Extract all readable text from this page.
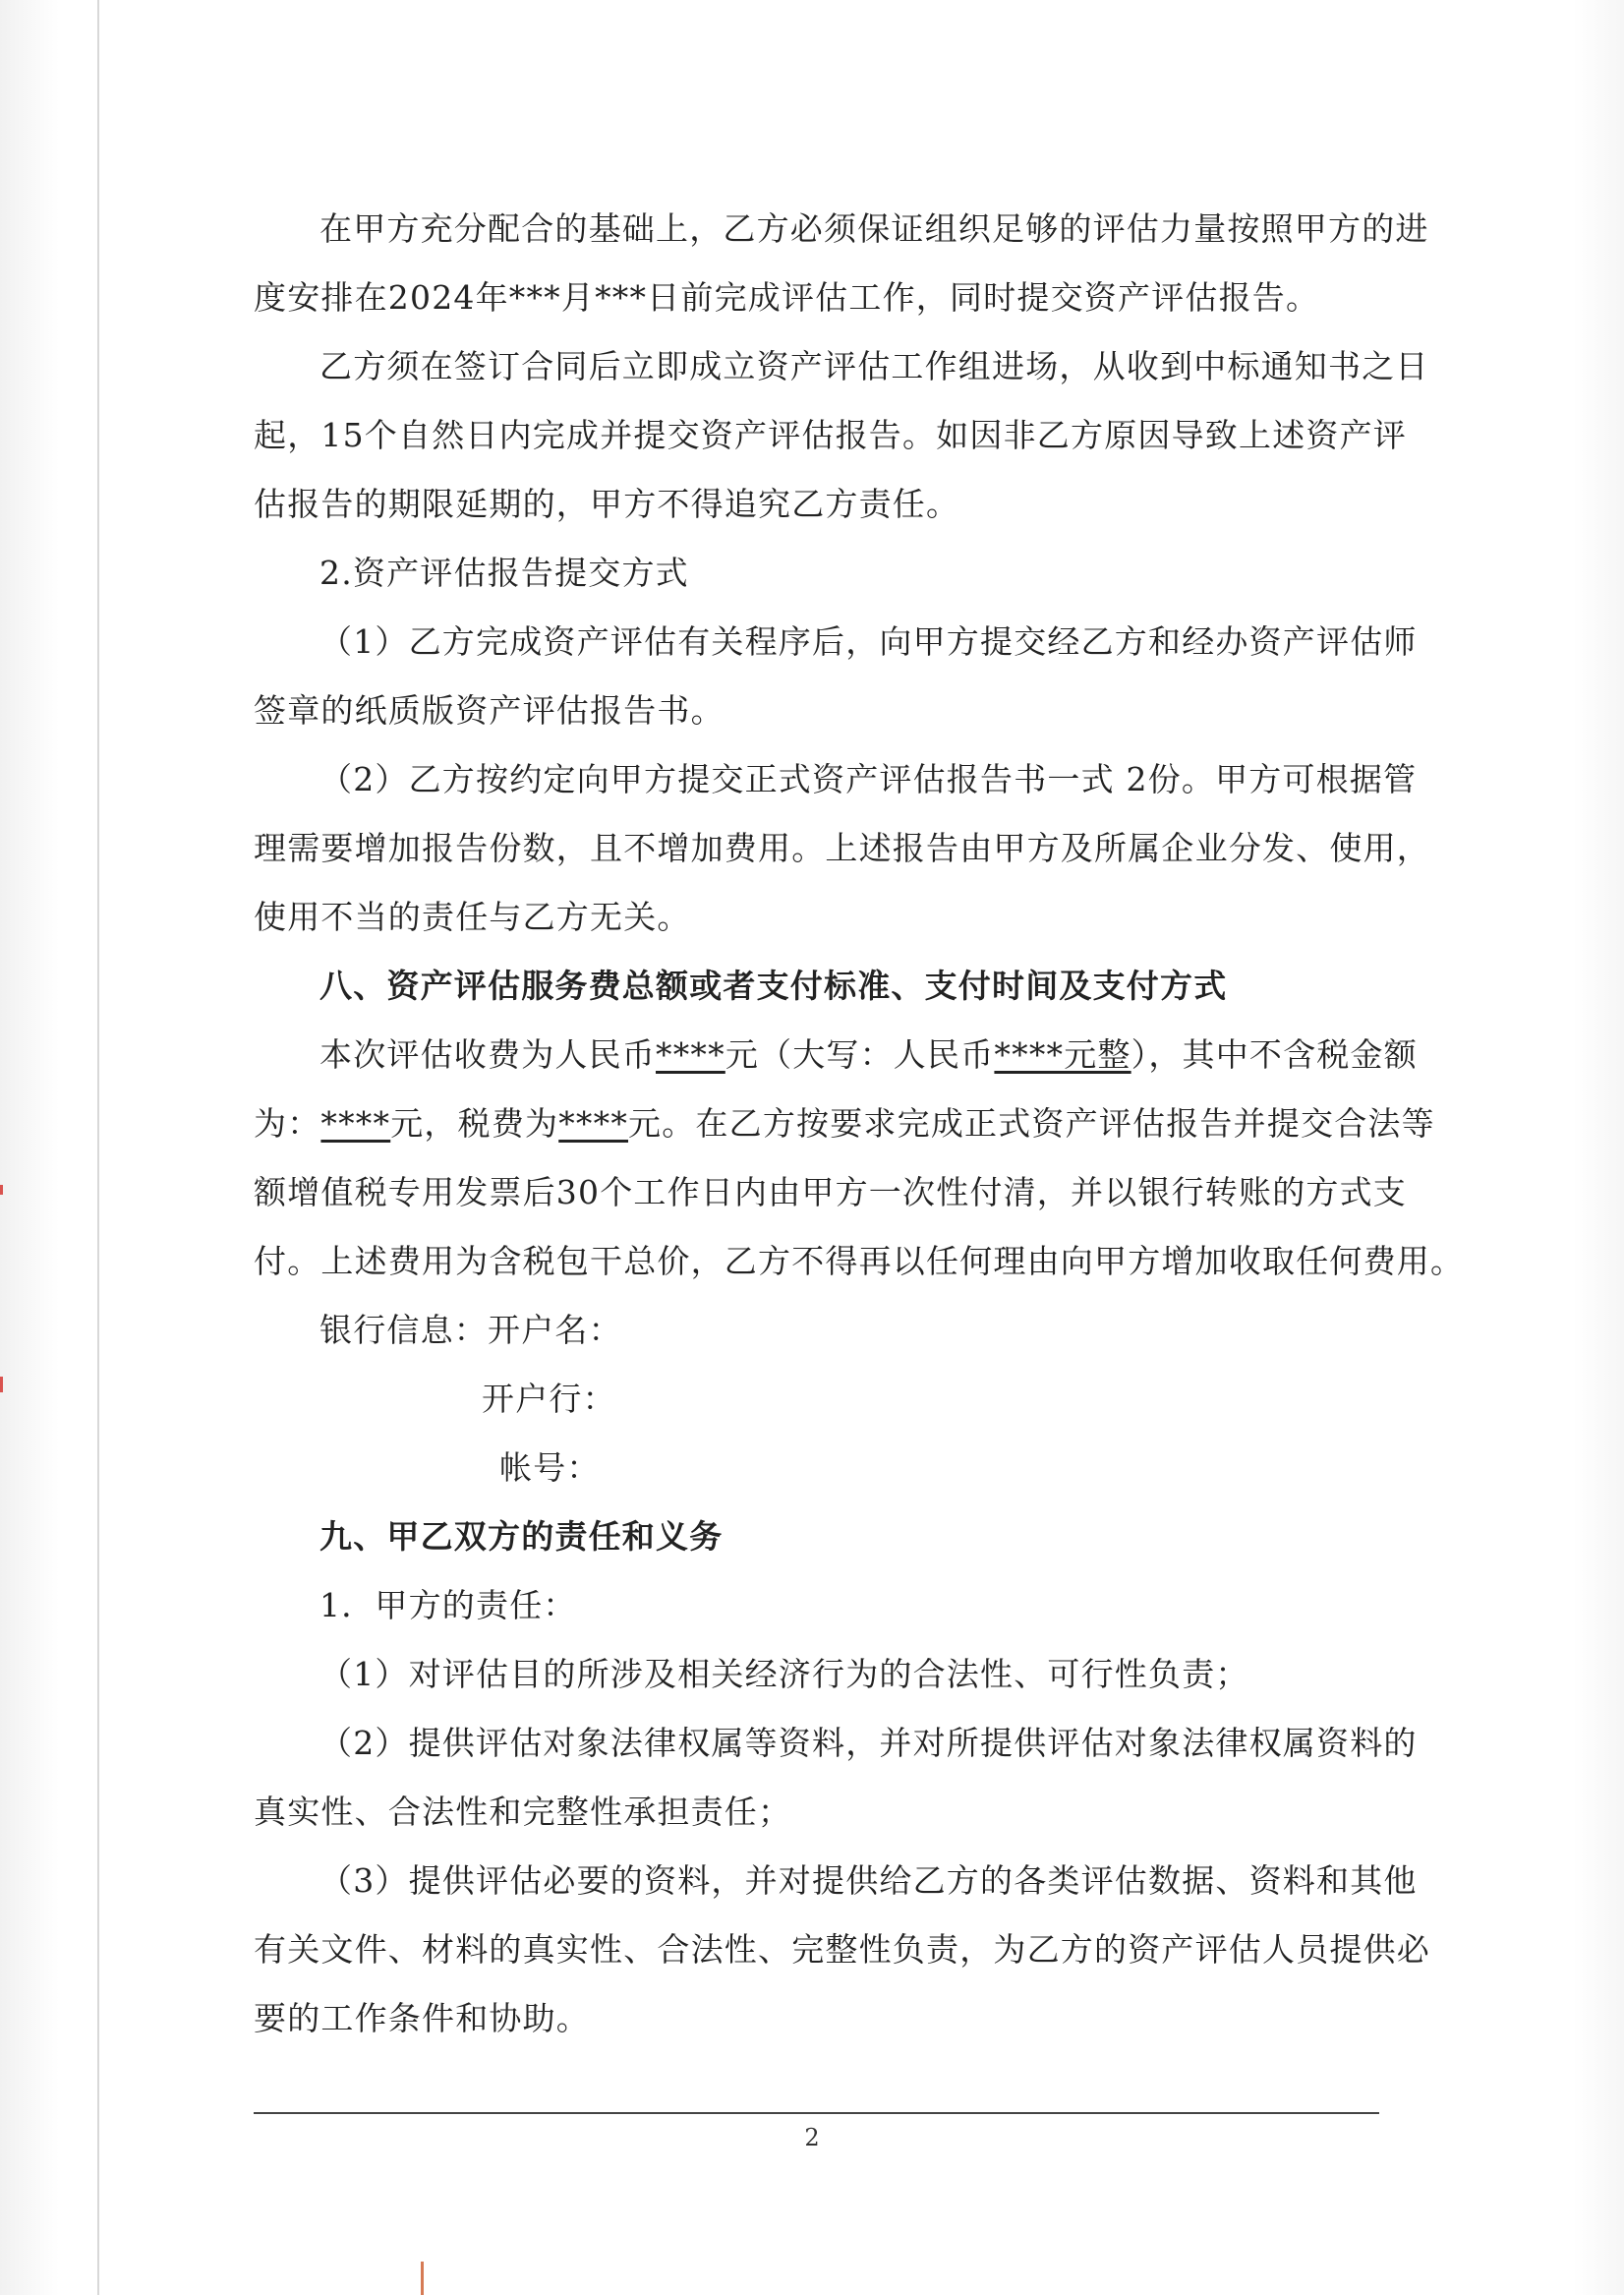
在甲方充分配合的基础上，乙方必须保证组织足够的评估力量按照甲方的进
度安排在2024年***月***日前完成评估工作，同时提交资产评估报告。
乙方须在签订合同后立即成立资产评估工作组进场，从收到中标通知书之日
起，15个自然日内完成并提交资产评估报告。如因非乙方原因导致上述资产评
估报告的期限延期的，甲方不得追究乙方责任。
2.资产评估报告提交方式
（1）乙方完成资产评估有关程序后，向甲方提交经乙方和经办资产评估师
签章的纸质版资产评估报告书。
（2）乙方按约定向甲方提交正式资产评估报告书一式 2份。甲方可根据管
理需要增加报告份数，且不增加费用。上述报告由甲方及所属企业分发、使用，
使用不当的责任与乙方无关。
八、资产评估服务费总额或者支付标准、支付时间及支付方式
本次评估收费为人民币****元（大写：人民币****元整），其中不含税金额
为：****元，税费为****元。在乙方按要求完成正式资产评估报告并提交合法等
额增值税专用发票后30个工作日内由甲方一次性付清，并以银行转账的方式支
付。上述费用为含税包干总价，乙方不得再以任何理由向甲方增加收取任何费用。
银行信息：开户名：
开户行：
帐号：
九、甲乙双方的责任和义务
1．甲方的责任：
（1）对评估目的所涉及相关经济行为的合法性、可行性负责；
（2）提供评估对象法律权属等资料，并对所提供评估对象法律权属资料的
真实性、合法性和完整性承担责任；
（3）提供评估必要的资料，并对提供给乙方的各类评估数据、资料和其他
有关文件、材料的真实性、合法性、完整性负责，为乙方的资产评估人员提供必
要的工作条件和协助。
2
